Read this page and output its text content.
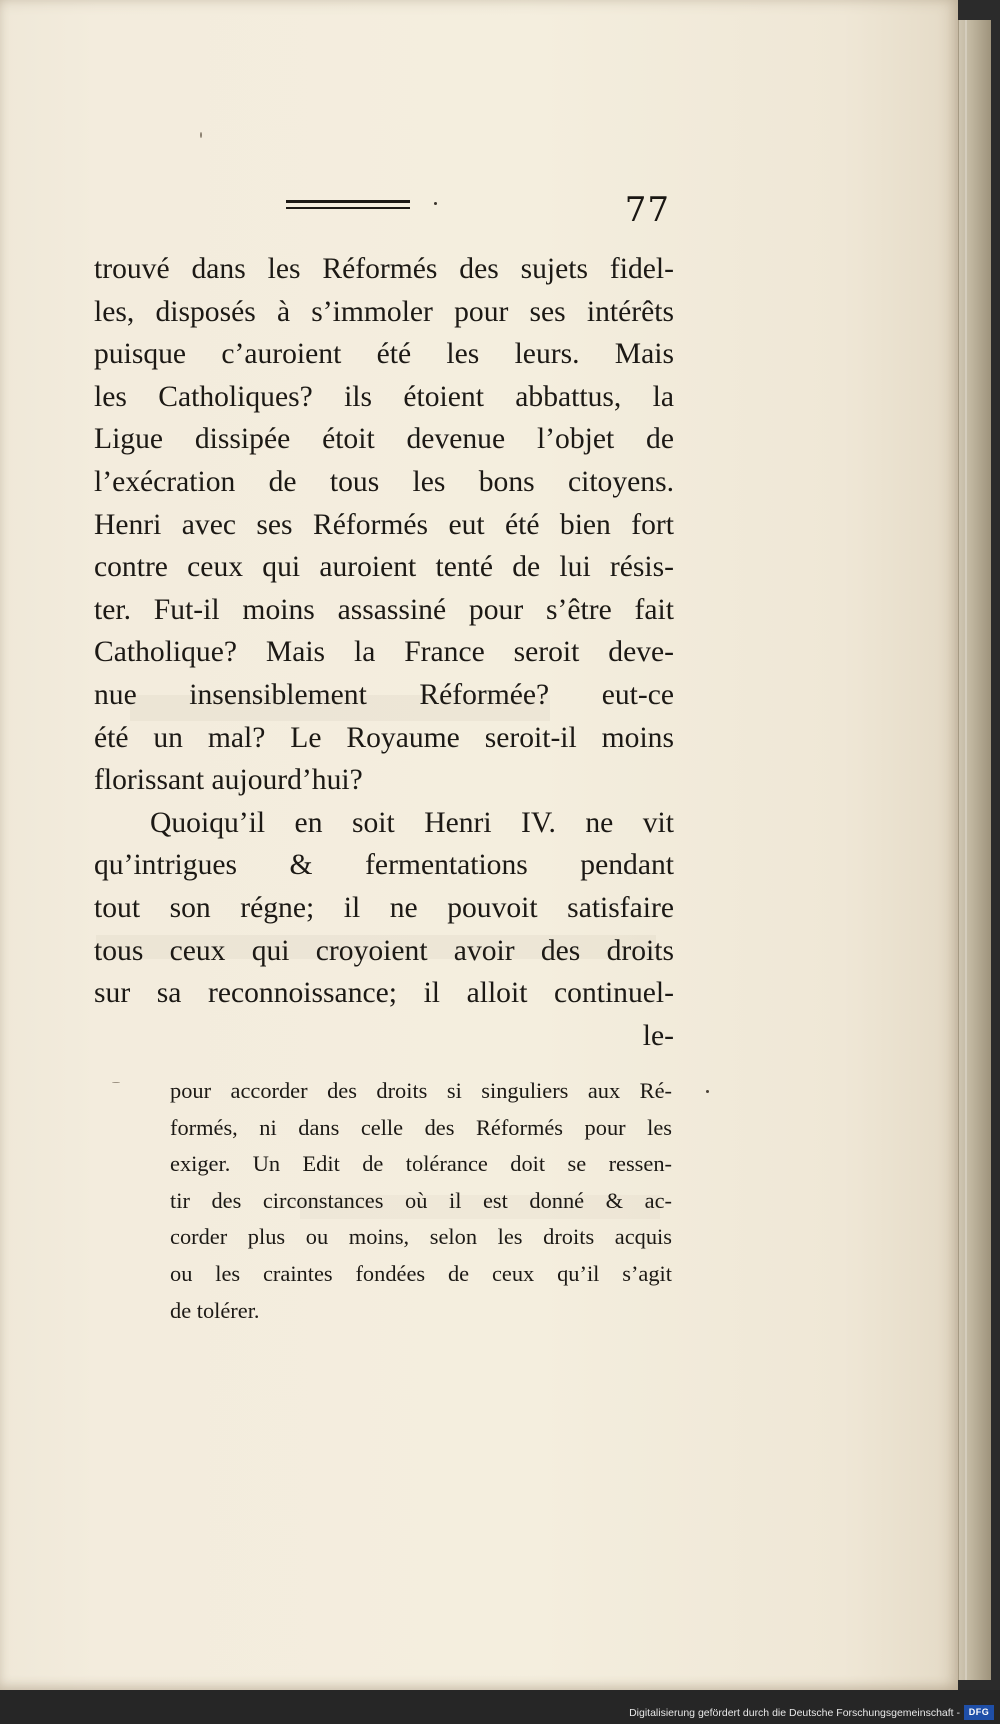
77
trouvé dans les Réformés des sujets fidel-
les, disposés à s’immoler pour ses intérêts
puisque c’auroient été les leurs. Mais
les Catholiques? ils étoient abbattus, la
Ligue dissipée étoit devenue l’objet de
l’exécration de tous les bons citoyens.
Henri avec ses Réformés eut été bien fort
contre ceux qui auroient tenté de lui résis-
ter. Fut-il moins assassiné pour s’être fait
Catholique? Mais la France seroit deve-
nue insensiblement Réformée? eut-ce
été un mal? Le Royaume seroit-il moins
florissant aujourd’hui?
Quoiqu’il en soit Henri IV. ne vit
qu’intrigues & fermentations pendant
tout son régne; il ne pouvoit satisfaire
tous ceux qui croyoient avoir des droits
sur sa reconnoissance; il alloit continuel-
le-
pour accorder des droits si singuliers aux Ré-
formés, ni dans celle des Réformés pour les
exiger. Un Edit de tolérance doit se ressen-
tir des circonstances où il est donné & ac-
corder plus ou moins, selon les droits acquis
ou les craintes fondées de ceux qu’il s’agit
de tolérer.
Digitalisierung gefördert durch die Deutsche Forschungsgemeinschaft - DFG
